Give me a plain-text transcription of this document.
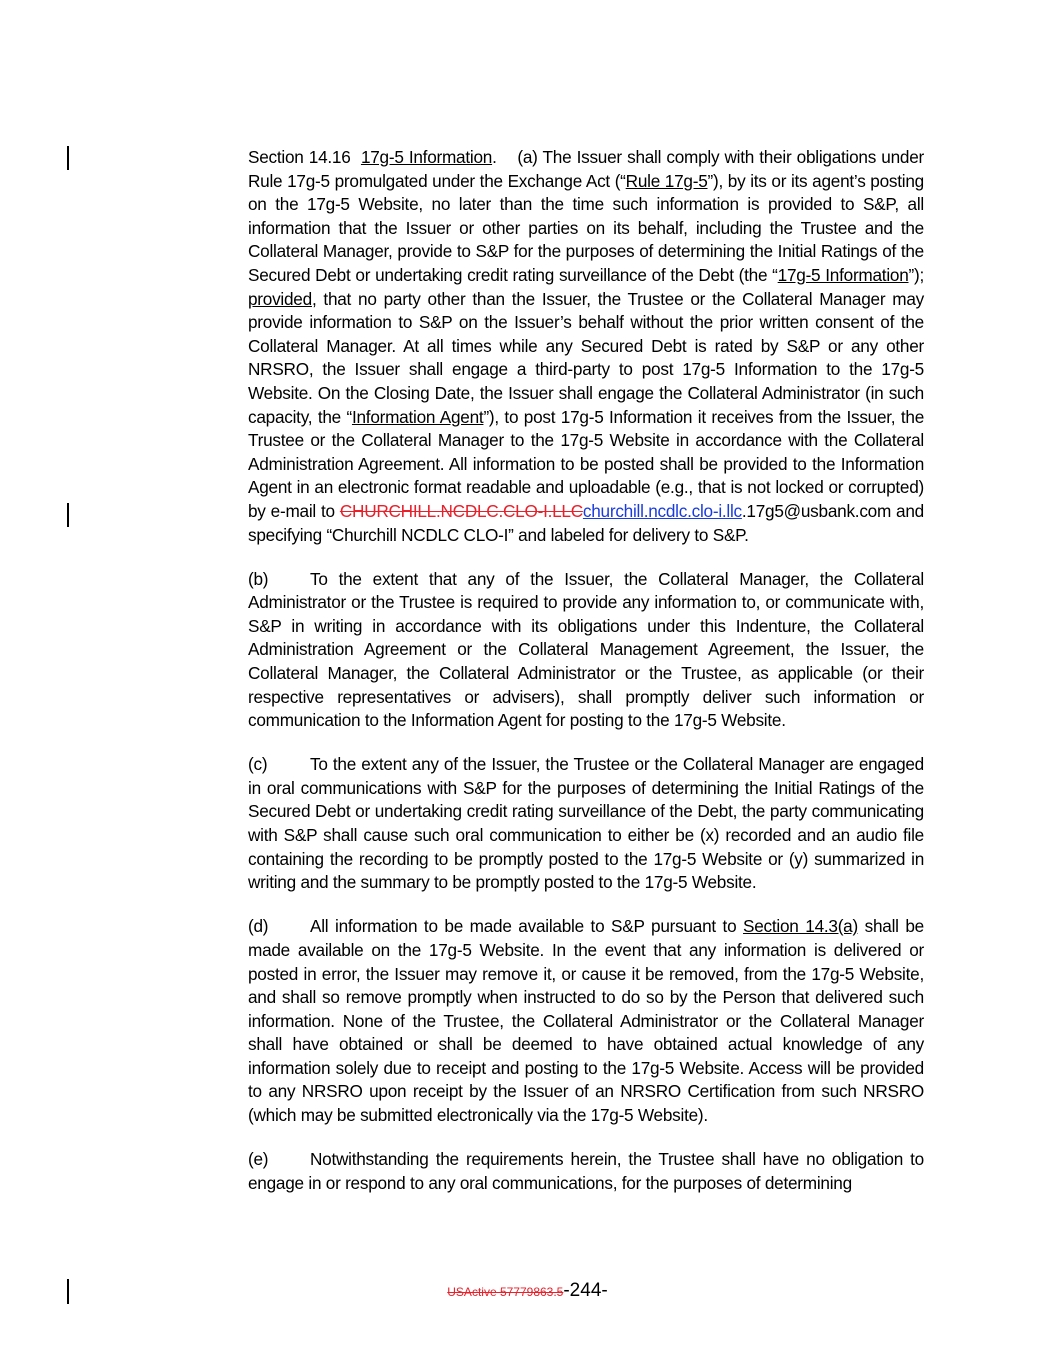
Section 14.16 17g-5 Information. (a) The Issuer shall comply with their obligations under Rule 17g-5 promulgated under the Exchange Act (“Rule 17g-5”), by its or its agent’s posting on the 17g-5 Website, no later than the time such information is provided to S&P, all information that the Issuer or other parties on its behalf, including the Trustee and the Collateral Manager, provide to S&P for the purposes of determining the Initial Ratings of the Secured Debt or undertaking credit rating surveillance of the Debt (the “17g-5 Information”); provided, that no party other than the Issuer, the Trustee or the Collateral Manager may provide information to S&P on the Issuer’s behalf without the prior written consent of the Collateral Manager. At all times while any Secured Debt is rated by S&P or any other NRSRO, the Issuer shall engage a third-party to post 17g-5 Information to the 17g-5 Website. On the Closing Date, the Issuer shall engage the Collateral Administrator (in such capacity, the “Information Agent”), to post 17g-5 Information it receives from the Issuer, the Trustee or the Collateral Manager to the 17g-5 Website in accordance with the Collateral Administration Agreement. All information to be posted shall be provided to the Information Agent in an electronic format readable and uploadable (e.g., that is not locked or corrupted) by e-mail to CHURCHILL.NCDLC.CLO-I.LLCchurchill.ncdlc.clo-i.llc.17g5@usbank.com and specifying “Churchill NCDLC CLO-I” and labeled for delivery to S&P.

(b) To the extent that any of the Issuer, the Collateral Manager, the Collateral Administrator or the Trustee is required to provide any information to, or communicate with, S&P in writing in accordance with its obligations under this Indenture, the Collateral Administration Agreement or the Collateral Management Agreement, the Issuer, the Collateral Manager, the Collateral Administrator or the Trustee, as applicable (or their respective representatives or advisers), shall promptly deliver such information or communication to the Information Agent for posting to the 17g-5 Website.

(c) To the extent any of the Issuer, the Trustee or the Collateral Manager are engaged in oral communications with S&P for the purposes of determining the Initial Ratings of the Secured Debt or undertaking credit rating surveillance of the Debt, the party communicating with S&P shall cause such oral communication to either be (x) recorded and an audio file containing the recording to be promptly posted to the 17g-5 Website or (y) summarized in writing and the summary to be promptly posted to the 17g-5 Website.

(d) All information to be made available to S&P pursuant to Section 14.3(a) shall be made available on the 17g-5 Website. In the event that any information is delivered or posted in error, the Issuer may remove it, or cause it be removed, from the 17g-5 Website, and shall so remove promptly when instructed to do so by the Person that delivered such information. None of the Trustee, the Collateral Administrator or the Collateral Manager shall have obtained or shall be deemed to have obtained actual knowledge of any information solely due to receipt and posting to the 17g-5 Website. Access will be provided to any NRSRO upon receipt by the Issuer of an NRSRO Certification from such NRSRO (which may be submitted electronically via the 17g-5 Website).

(e) Notwithstanding the requirements herein, the Trustee shall have no obligation to engage in or respond to any oral communications, for the purposes of determining

USActive 57779863.5-244-
